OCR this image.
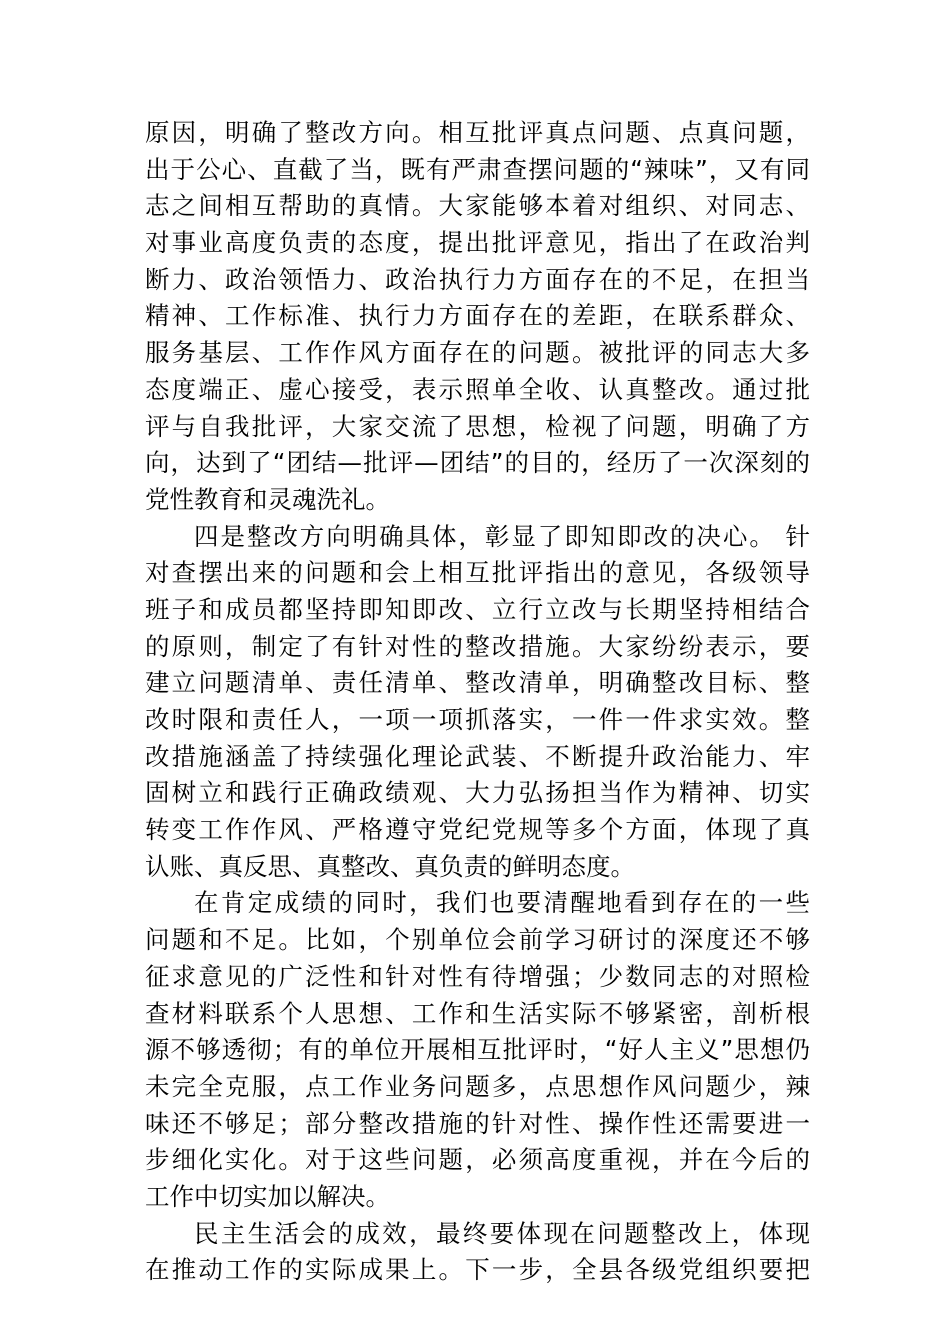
原因，明确了整改方向。相互批评真点问题、点真问题，
出于公心、直截了当，既有严肃查摆问题的“辣味”，又有同
志之间相互帮助的真情。大家能够本着对组织、对同志、
对事业高度负责的态度，提出批评意见，指出了在政治判
断力、政治领悟力、政治执行力方面存在的不足，在担当
精神、工作标准、执行力方面存在的差距，在联系群众、
服务基层、工作作风方面存在的问题。被批评的同志大多
态度端正、虚心接受，表示照单全收、认真整改。通过批
评与自我批评，大家交流了思想，检视了问题，明确了方
向，达到了“团结—批评—团结”的目的，经历了一次深刻的
党性教育和灵魂洗礼。
四是整改方向明确具体，彰显了即知即改的决心。 针
对查摆出来的问题和会上相互批评指出的意见，各级领导
班子和成员都坚持即知即改、立行立改与长期坚持相结合
的原则，制定了有针对性的整改措施。大家纷纷表示，要
建立问题清单、责任清单、整改清单，明确整改目标、整
改时限和责任人，一项一项抓落实，一件一件求实效。整
改措施涵盖了持续强化理论武装、不断提升政治能力、牢
固树立和践行正确政绩观、大力弘扬担当作为精神、切实
转变工作作风、严格遵守党纪党规等多个方面，体现了真
认账、真反思、真整改、真负责的鲜明态度。
在肯定成绩的同时，我们也要清醒地看到存在的一些
问题和不足。比如，个别单位会前学习研讨的深度还不够
征求意见的广泛性和针对性有待增强；少数同志的对照检
查材料联系个人思想、工作和生活实际不够紧密，剖析根
源不够透彻；有的单位开展相互批评时，“好人主义”思想仍
未完全克服，点工作业务问题多，点思想作风问题少，辣
味还不够足；部分整改措施的针对性、操作性还需要进一
步细化实化。对于这些问题，必须高度重视，并在今后的
工作中切实加以解决。
民主生活会的成效，最终要体现在问题整改上，体现
在推动工作的实际成果上。下一步，全县各级党组织要把
